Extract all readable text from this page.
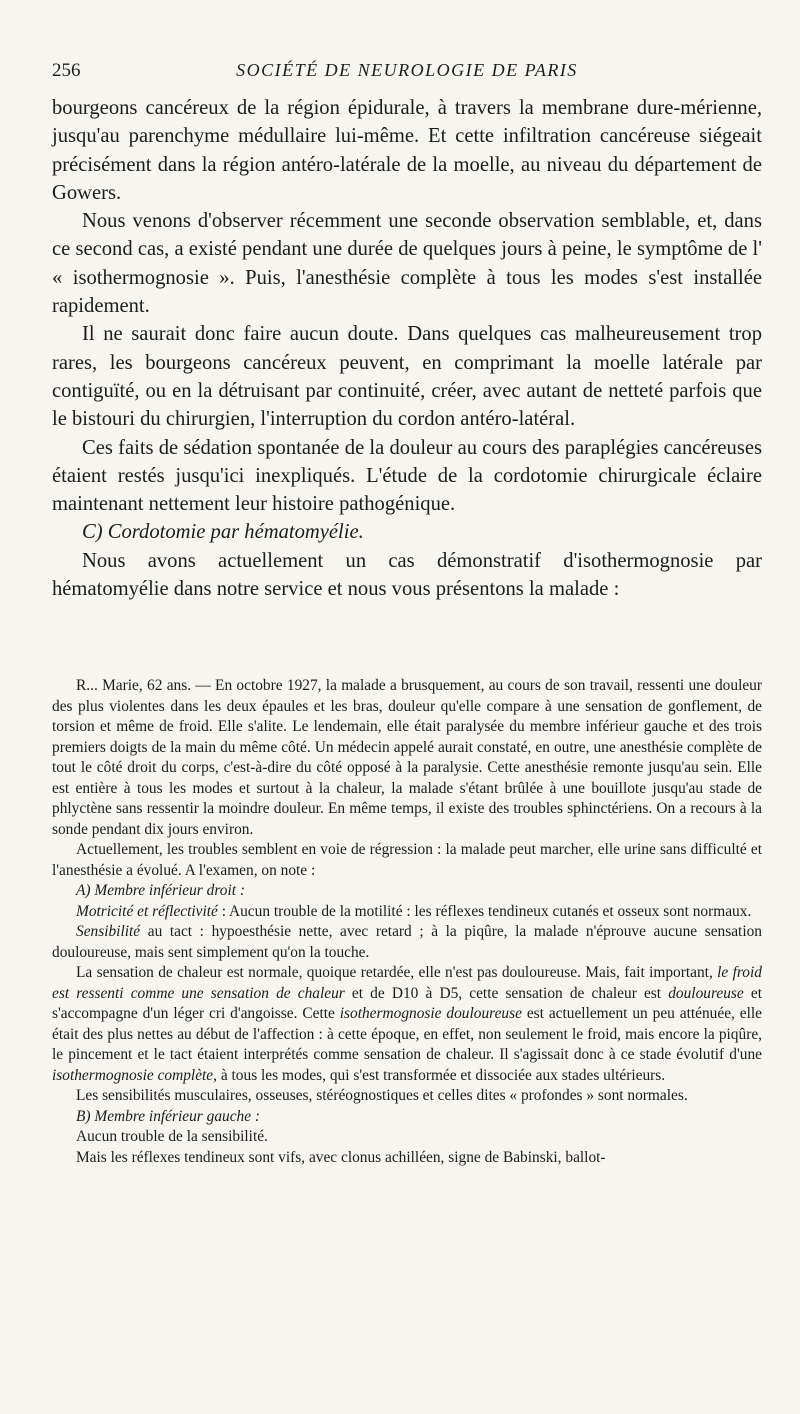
256	SOCIÉTÉ DE NEUROLOGIE DE PARIS

bourgeons cancéreux de la région épidurale, à travers la membrane dure-mérienne, jusqu'au parenchyme médullaire lui-même. Et cette infiltration cancéreuse siégeait précisément dans la région antéro-latérale de la moelle, au niveau du département de Gowers.

Nous venons d'observer récemment une seconde observation semblable, et, dans ce second cas, a existé pendant une durée de quelques jours à peine, le symptôme de l' « isothermognosie ». Puis, l'anesthésie complète à tous les modes s'est installée rapidement.

Il ne saurait donc faire aucun doute. Dans quelques cas malheureusement trop rares, les bourgeons cancéreux peuvent, en comprimant la moelle latérale par contiguïté, ou en la détruisant par continuité, créer, avec autant de netteté parfois que le bistouri du chirurgien, l'interruption du cordon antéro-latéral.

Ces faits de sédation spontanée de la douleur au cours des paraplégies cancéreuses étaient restés jusqu'ici inexpliqués. L'étude de la cordotomie chirurgicale éclaire maintenant nettement leur histoire pathogénique.

C) Cordotomie par hématomyélie.

Nous avons actuellement un cas démonstratif d'isothermognosie par hématomyélie dans notre service et nous vous présentons la malade :

R... Marie, 62 ans. — En octobre 1927, la malade a brusquement, au cours de son travail, ressenti une douleur des plus violentes dans les deux épaules et les bras, douleur qu'elle compare à une sensation de gonflement, de torsion et même de froid. Elle s'alite. Le lendemain, elle était paralysée du membre inférieur gauche et des trois premiers doigts de la main du même côté. Un médecin appelé aurait constaté, en outre, une anesthésie complète de tout le côté droit du corps, c'est-à-dire du côté opposé à la paralysie. Cette anesthésie remonte jusqu'au sein. Elle est entière à tous les modes et surtout à la chaleur, la malade s'étant brûlée à une bouillote jusqu'au stade de phlyctène sans ressentir la moindre douleur. En même temps, il existe des troubles sphinctériens. On a recours à la sonde pendant dix jours environ.

Actuellement, les troubles semblent en voie de régression : la malade peut marcher, elle urine sans difficulté et l'anesthésie a évolué. A l'examen, on note :

A) Membre inférieur droit :

Motricité et réflectivité : Aucun trouble de la motilité : les réflexes tendineux cutanés et osseux sont normaux.

Sensibilité au tact : hypoesthésie nette, avec retard ; à la piqûre, la malade n'éprouve aucune sensation douloureuse, mais sent simplement qu'on la touche.

La sensation de chaleur est normale, quoique retardée, elle n'est pas douloureuse. Mais, fait important, le froid est ressenti comme une sensation de chaleur et de D10 à D5, cette sensation de chaleur est douloureuse et s'accompagne d'un léger cri d'angoisse. Cette isothermognosie douloureuse est actuellement un peu atténuée, elle était des plus nettes au début de l'affection : à cette époque, en effet, non seulement le froid, mais encore la piqûre, le pincement et le tact étaient interprétés comme sensation de chaleur. Il s'agissait donc à ce stade évolutif d'une isothermognosie complète, à tous les modes, qui s'est transformée et dissociée aux stades ultérieurs.

Les sensibilités musculaires, osseuses, stéréognostiques et celles dites « profondes » sont normales.

B) Membre inférieur gauche :

Aucun trouble de la sensibilité.

Mais les réflexes tendineux sont vifs, avec clonus achilléen, signe de Babinski, ballot-
